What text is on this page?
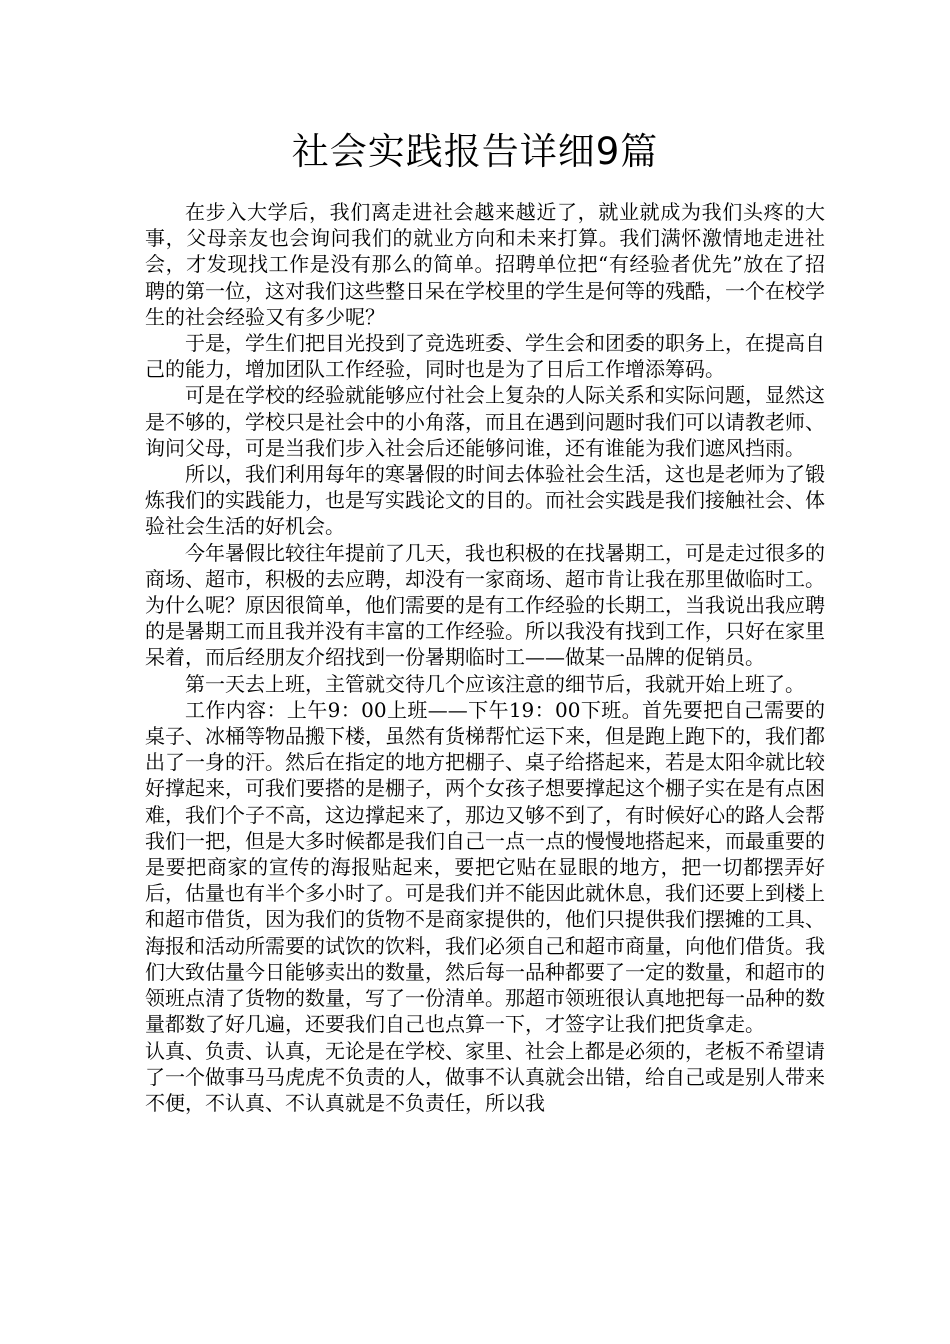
社会实践报告详细9篇

在步入大学后，我们离走进社会越来越近了，就业就成为我们头疼的大事，父母亲友也会询问我们的就业方向和未来打算。我们满怀激情地走进社会，才发现找工作是没有那么的简单。招聘单位把“有经验者优先”放在了招聘的第一位，这对我们这些整日呆在学校里的学生是何等的残酷，一个在校学生的社会经验又有多少呢？

于是，学生们把目光投到了竞选班委、学生会和团委的职务上，在提高自己的能力，增加团队工作经验，同时也是为了日后工作增添筹码。

可是在学校的经验就能够应付社会上复杂的人际关系和实际问题，显然这是不够的，学校只是社会中的小角落，而且在遇到问题时我们可以请教老师、询问父母，可是当我们步入社会后还能够问谁，还有谁能为我们遮风挡雨。

所以，我们利用每年的寒暑假的时间去体验社会生活，这也是老师为了锻炼我们的实践能力，也是写实践论文的目的。而社会实践是我们接触社会、体验社会生活的好机会。

今年暑假比较往年提前了几天，我也积极的在找暑期工，可是走过很多的商场、超市，积极的去应聘，却没有一家商场、超市肯让我在那里做临时工。为什么呢？原因很简单，他们需要的是有工作经验的长期工，当我说出我应聘的是暑期工而且我并没有丰富的工作经验。所以我没有找到工作，只好在家里呆着，而后经朋友介绍找到一份暑期临时工——做某一品牌的促销员。

第一天去上班，主管就交待几个应该注意的细节后，我就开始上班了。

工作内容：上午9：00上班——下午19：00下班。首先要把自己需要的桌子、冰桶等物品搬下楼，虽然有货梯帮忙运下来，但是跑上跑下的，我们都出了一身的汗。然后在指定的地方把棚子、桌子给搭起来，若是太阳伞就比较好撑起来，可我们要搭的是棚子，两个女孩子想要撑起这个棚子实在是有点困难，我们个子不高，这边撑起来了，那边又够不到了，有时候好心的路人会帮我们一把，但是大多时候都是我们自己一点一点的慢慢地搭起来，而最重要的是要把商家的宣传的海报贴起来，要把它贴在显眼的地方，把一切都摆弄好后，估量也有半个多小时了。可是我们并不能因此就休息，我们还要上到楼上和超市借货，因为我们的货物不是商家提供的，他们只提供我们摆摊的工具、海报和活动所需要的试饮的饮料，我们必须自己和超市商量，向他们借货。我们大致估量今日能够卖出的数量，然后每一品种都要了一定的数量，和超市的领班点清了货物的数量，写了一份清单。那超市领班很认真地把每一品种的数量都数了好几遍，还要我们自己也点算一下，才签字让我们把货拿走。

认真、负责、认真，无论是在学校、家里、社会上都是必须的，老板不希望请了一个做事马马虎虎不负责的人，做事不认真就会出错，给自己或是别人带来不便，不认真、不认真就是不负责任，所以我
